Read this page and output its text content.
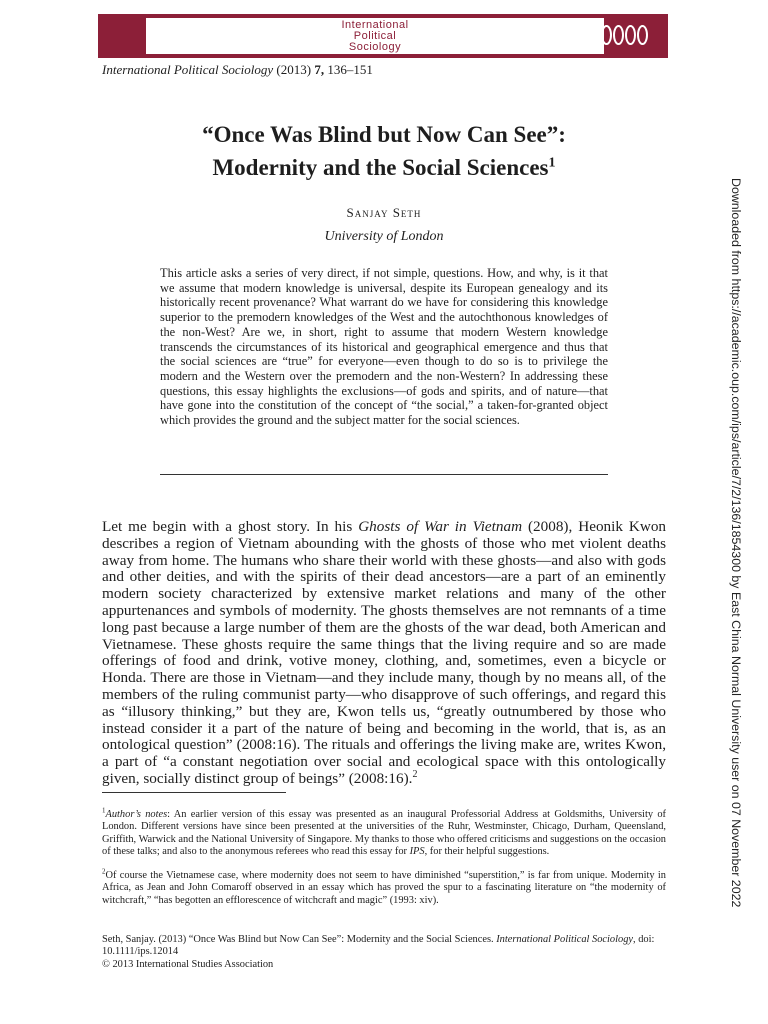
International
Political
Sociology
International Political Sociology (2013) 7, 136–151
“Once Was Blind but Now Can See”:
Modernity and the Social Sciences$^1$
Sanjay Seth
University of London

This article asks a series of very direct, if not simple, questions. How, and why, is it that we assume that modern knowledge is universal, despite its European genealogy and its historically recent provenance? What warrant do we have for considering this knowledge superior to the premodern knowledges of the West and the autochthonous knowledges of the non-West? Are we, in short, right to assume that modern Western knowledge transcends the circumstances of its historical and geographical emergence and thus that the social sciences are “true” for everyone—even though to do so is to privilege the modern and the Western over the premodern and the non-Western? In addressing these questions, this essay highlights the exclusions—of gods and spirits, and of nature—that have gone into the constitution of the concept of “the social,” a taken-for-granted object which provides the ground and the subject matter for the social sciences.

Let me begin with a ghost story. In his Ghosts of War in Vietnam (2008), Heonik Kwon describes a region of Vietnam abounding with the ghosts of those who met violent deaths away from home. The humans who share their world with these ghosts—and also with gods and other deities, and with the spirits of their dead ancestors—are a part of an eminently modern society characterized by extensive market relations and many of the other appurtenances and symbols of modernity. The ghosts themselves are not remnants of a time long past because a large number of them are the ghosts of the war dead, both American and Vietnamese. These ghosts require the same things that the living require and so are made offerings of food and drink, votive money, clothing, and, sometimes, even a bicycle or Honda. There are those in Vietnam—and they include many, though by no means all, of the members of the ruling communist party—who disapprove of such offerings, and regard this as “illusory thinking,” but they are, Kwon tells us, “greatly outnumbered by those who instead consider it a part of the nature of being and becoming in the world, that is, as an ontological question” (2008:16). The rituals and offerings the living make are, writes Kwon, a part of “a constant negotiation over social and ecological space with this ontologically given, socially distinct group of beings” (2008:16).$^2$

$^1$Author’s notes: An earlier version of this essay was presented as an inaugural Professorial Address at Goldsmiths, University of London. Different versions have since been presented at the universities of the Ruhr, Westminster, Chicago, Durham, Queensland, Griffith, Warwick and the National University of Singapore. My thanks to those who offered criticisms and suggestions on the occasion of these talks; and also to the anonymous referees who read this essay for IPS, for their helpful suggestions.

$^2$Of course the Vietnamese case, where modernity does not seem to have diminished “superstition,” is far from unique. Modernity in Africa, as Jean and John Comaroff observed in an essay which has proved the spur to a fascinating literature on “the modernity of witchcraft,” “has begotten an efflorescence of witchcraft and magic” (1993: xiv).

Seth, Sanjay. (2013) “Once Was Blind but Now Can See”: Modernity and the Social Sciences. International Political Sociology, doi: 10.1111/ips.12014
© 2013 International Studies Association

Downloaded from https://academic.oup.com/ips/article/7/2/136/1854300 by East China Normal University user on 07 November 2022
